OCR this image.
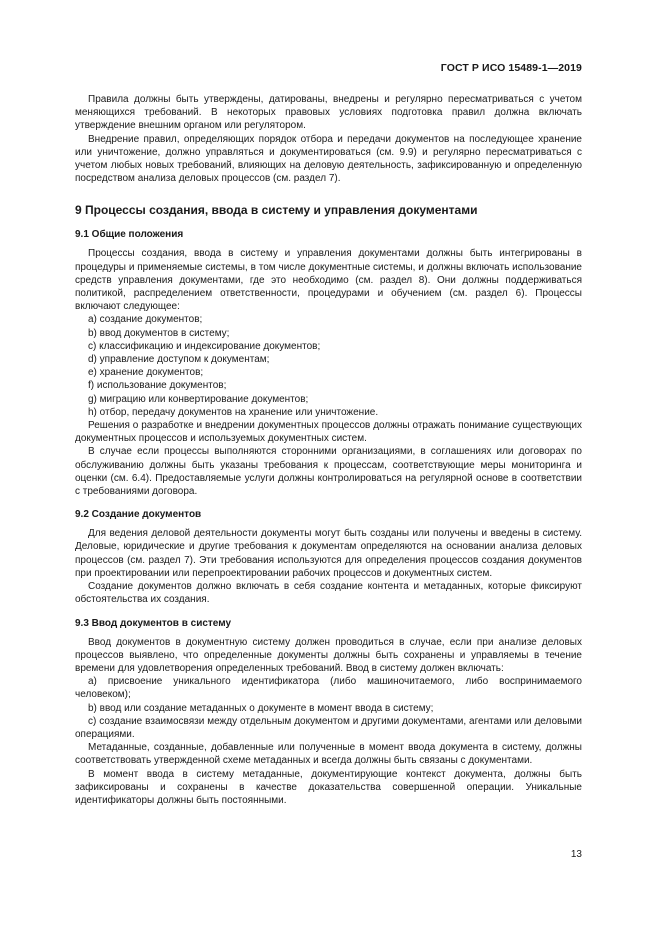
ГОСТ Р ИСО 15489-1—2019

Правила должны быть утверждены, датированы, внедрены и регулярно пересматриваться с учетом меняющихся требований. В некоторых правовых условиях подготовка правил должна включать утверждение внешним органом или регулятором.

Внедрение правил, определяющих порядок отбора и передачи документов на последующее хранение или уничтожение, должно управляться и документироваться (см. 9.9) и регулярно пересматриваться с учетом любых новых требований, влияющих на деловую деятельность, зафиксированную и определенную посредством анализа деловых процессов (см. раздел 7).

9 Процессы создания, ввода в систему и управления документами
9.1 Общие положения

Процессы создания, ввода в систему и управления документами должны быть интегрированы в процедуры и применяемые системы, в том числе документные системы, и должны включать использование средств управления документами, где это необходимо (см. раздел 8). Они должны поддерживаться политикой, распределением ответственности, процедурами и обучением (см. раздел 6). Процессы включают следующее:

a) создание документов;

b) ввод документов в систему;

c) классификацию и индексирование документов;

d) управление доступом к документам;

e) хранение документов;

f) использование документов;

g) миграцию или конвертирование документов;

h) отбор, передачу документов на хранение или уничтожение.

Решения о разработке и внедрении документных процессов должны отражать понимание существующих документных процессов и используемых документных систем.

В случае если процессы выполняются сторонними организациями, в соглашениях или договорах по обслуживанию должны быть указаны требования к процессам, соответствующие меры мониторинга и оценки (см. 6.4). Предоставляемые услуги должны контролироваться на регулярной основе в соответствии с требованиями договора.

9.2 Создание документов

Для ведения деловой деятельности документы могут быть созданы или получены и введены в систему. Деловые, юридические и другие требования к документам определяются на основании анализа деловых процессов (см. раздел 7). Эти требования используются для определения процессов создания документов при проектировании или перепроектировании рабочих процессов и документных систем.

Создание документов должно включать в себя создание контента и метаданных, которые фиксируют обстоятельства их создания.

9.3 Ввод документов в систему

Ввод документов в документную систему должен проводиться в случае, если при анализе деловых процессов выявлено, что определенные документы должны быть сохранены и управляемы в течение времени для удовлетворения определенных требований. Ввод в систему должен включать:

a) присвоение уникального идентификатора (либо машиночитаемого, либо воспринимаемого человеком);

b) ввод или создание метаданных о документе в момент ввода в систему;

c) создание взаимосвязи между отдельным документом и другими документами, агентами или деловыми операциями.

Метаданные, созданные, добавленные или полученные в момент ввода документа в систему, должны соответствовать утвержденной схеме метаданных и всегда должны быть связаны с документами.

В момент ввода в систему метаданные, документирующие контекст документа, должны быть зафиксированы и сохранены в качестве доказательства совершенной операции. Уникальные идентификаторы должны быть постоянными.

13
